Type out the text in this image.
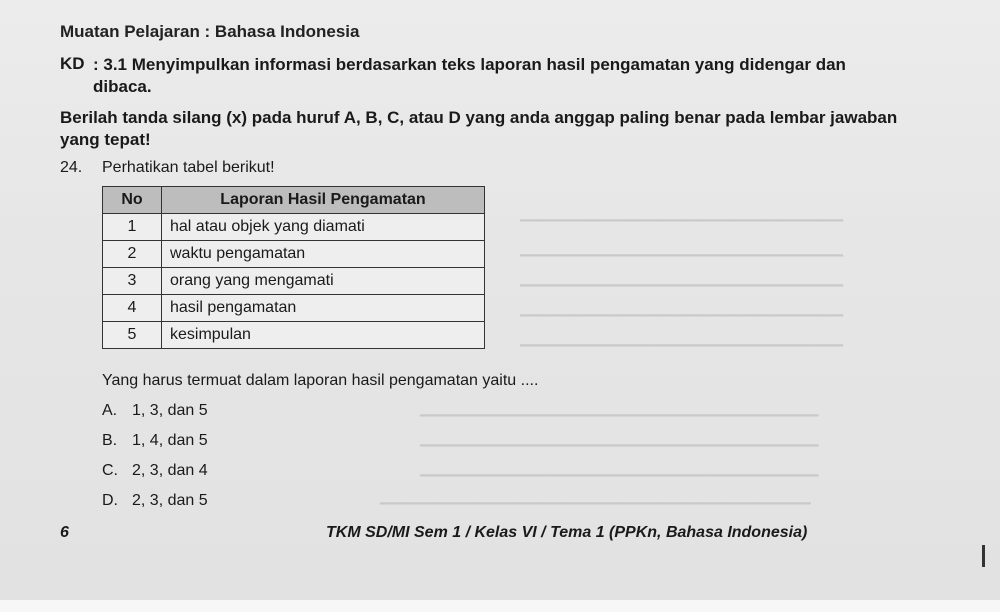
▁▁▁▁▁▁▁▁▁▁▁▁▁▁▁▁▁▁▁▁▁▁▁▁▁▁▁▁▁▁
▁▁▁▁▁▁▁▁▁▁▁▁▁▁▁▁▁▁▁▁▁▁▁▁▁▁▁▁▁▁
▁▁▁▁▁▁▁▁▁▁▁▁▁▁▁▁▁▁▁▁▁▁▁▁▁▁▁▁▁▁
▁▁▁▁▁▁▁▁▁▁▁▁▁▁▁▁▁▁▁▁▁▁▁▁▁▁▁▁▁▁
▁▁▁▁▁▁▁▁▁▁▁▁▁▁▁▁▁▁▁▁▁▁▁▁▁▁▁▁▁▁
▁▁▁▁▁▁▁▁▁▁▁▁▁▁▁▁▁▁▁▁▁▁▁▁▁▁▁▁▁▁▁▁▁▁▁▁▁
▁▁▁▁▁▁▁▁▁▁▁▁▁▁▁▁▁▁▁▁▁▁▁▁▁▁▁▁▁▁▁▁▁▁▁▁▁
▁▁▁▁▁▁▁▁▁▁▁▁▁▁▁▁▁▁▁▁▁▁▁▁▁▁▁▁▁▁▁▁▁▁▁▁▁
▁▁▁▁▁▁▁▁▁▁▁▁▁▁▁▁▁▁▁▁▁▁▁▁▁▁▁▁▁▁▁▁▁▁▁▁▁▁▁▁
Muatan Pelajaran : Bahasa Indonesia
KD : 3.1 Menyimpulkan informasi berdasarkan teks laporan hasil pengamatan yang didengar dan dibaca.
Berilah tanda silang (x) pada huruf A, B, C, atau D yang anda anggap paling benar pada lembar jawaban yang tepat!
24. Perhatikan tabel berikut!
No	Laporan Hasil Pengamatan
1	hal atau objek yang diamati
2	waktu pengamatan
3	orang yang mengamati
4	hasil pengamatan
5	kesimpulan
Yang harus termuat dalam laporan hasil pengamatan yaitu ....
A. 1, 3, dan 5
B. 1, 4, dan 5
C. 2, 3, dan 4
D. 2, 3, dan 5
6	TKM SD/MI Sem 1 / Kelas VI / Tema 1 (PPKn, Bahasa Indonesia)
